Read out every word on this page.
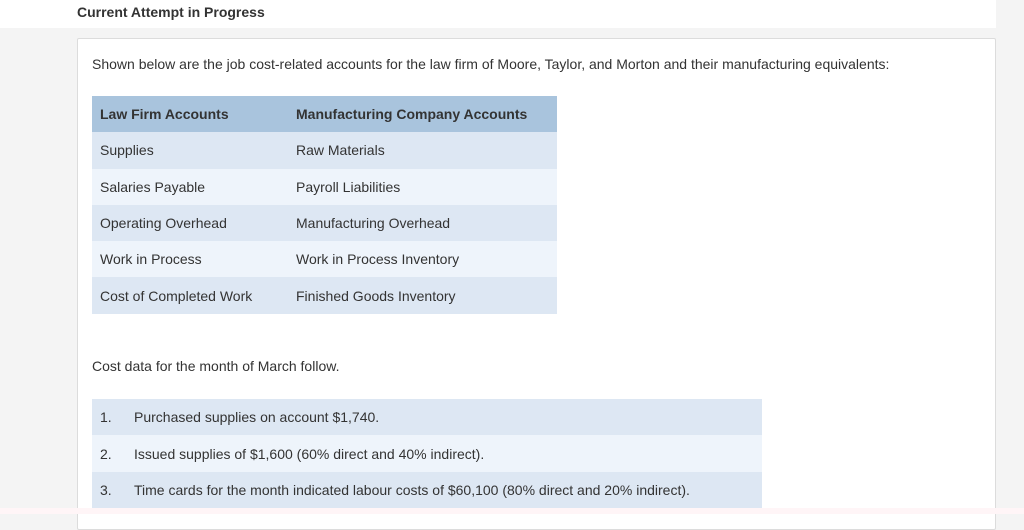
Current Attempt in Progress

Shown below are the job cost-related accounts for the law firm of Moore, Taylor, and Morton and their manufacturing equivalents:

Law Firm Accounts	Manufacturing Company Accounts
Supplies	Raw Materials
Salaries Payable	Payroll Liabilities
Operating Overhead	Manufacturing Overhead
Work in Process	Work in Process Inventory
Cost of Completed Work	Finished Goods Inventory

Cost data for the month of March follow.

1.	Purchased supplies on account $1,740.
2.	Issued supplies of $1,600 (60% direct and 40% indirect).
3.	Time cards for the month indicated labour costs of $60,100 (80% direct and 20% indirect).
